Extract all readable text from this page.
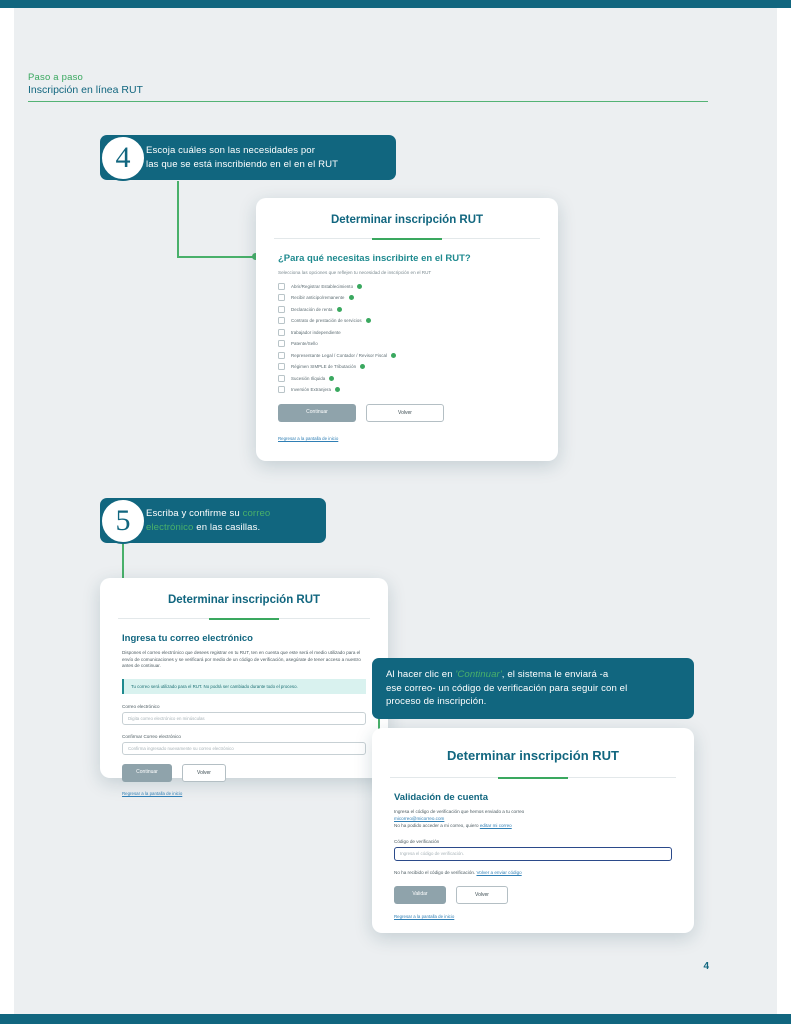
Paso a paso
Inscripción en línea RUT
Escoja cuáles son las necesidades por
las que se está inscribiendo en el en el RUT
4
Determinar inscripción RUT
¿Para qué necesitas inscribirte en el RUT?
Selecciona las opciones que reflejen tu necesidad de inscripción en el RUT
Abrir/Registrar Establecimiento
Recibir anticipo/remanente
Declaración de renta
Contrato de prestación de servicios
trabajador independiente
Patente/Sello
Representante Legal / Contador / Revisor Fiscal
Régimen SIMPLE de Tributación
Sucesión Ilíquida
Inversión Extranjera
Continuar	Volver
Regresar a la pantalla de inicio
Escriba y confirme su correo electrónico en las casillas.
5
Determinar inscripción RUT
Ingresa tu correo electrónico
Dispones el correo electrónico que desees registrar en tu RUT, ten en cuenta que este será el medio utilizado para el envío de comunicaciones y se verificará por medio de un código de verificación, asegúrate de tener acceso a nuestro antes de continuar.
Tu correo será utilizado para el RUT. No podrá ser cambiado durante todo el proceso.
Correo electrónico
Digita correo electrónico en minúsculas
Confirmar Correo electrónico
Confirma ingresado nuevamente su correo electrónico
Continuar	Volver
Regresar a la pantalla de inicio
Al hacer clic en 'Continuar', el sistema le enviará -a
ese correo- un código de verificación para seguir con el
proceso de inscripción.
Determinar inscripción RUT
Validación de cuenta
Ingresa el código de verificación que hemos enviado a tu correo
micorreo@micorreo.com
No ha podido acceder a mi correo, quiero editar mi correo
Código de verificación
Ingresa el código de verificación.
No ha recibido el código de verificación. Volver a enviar código
Validar	Volver
Regresar a la pantalla de inicio
4
